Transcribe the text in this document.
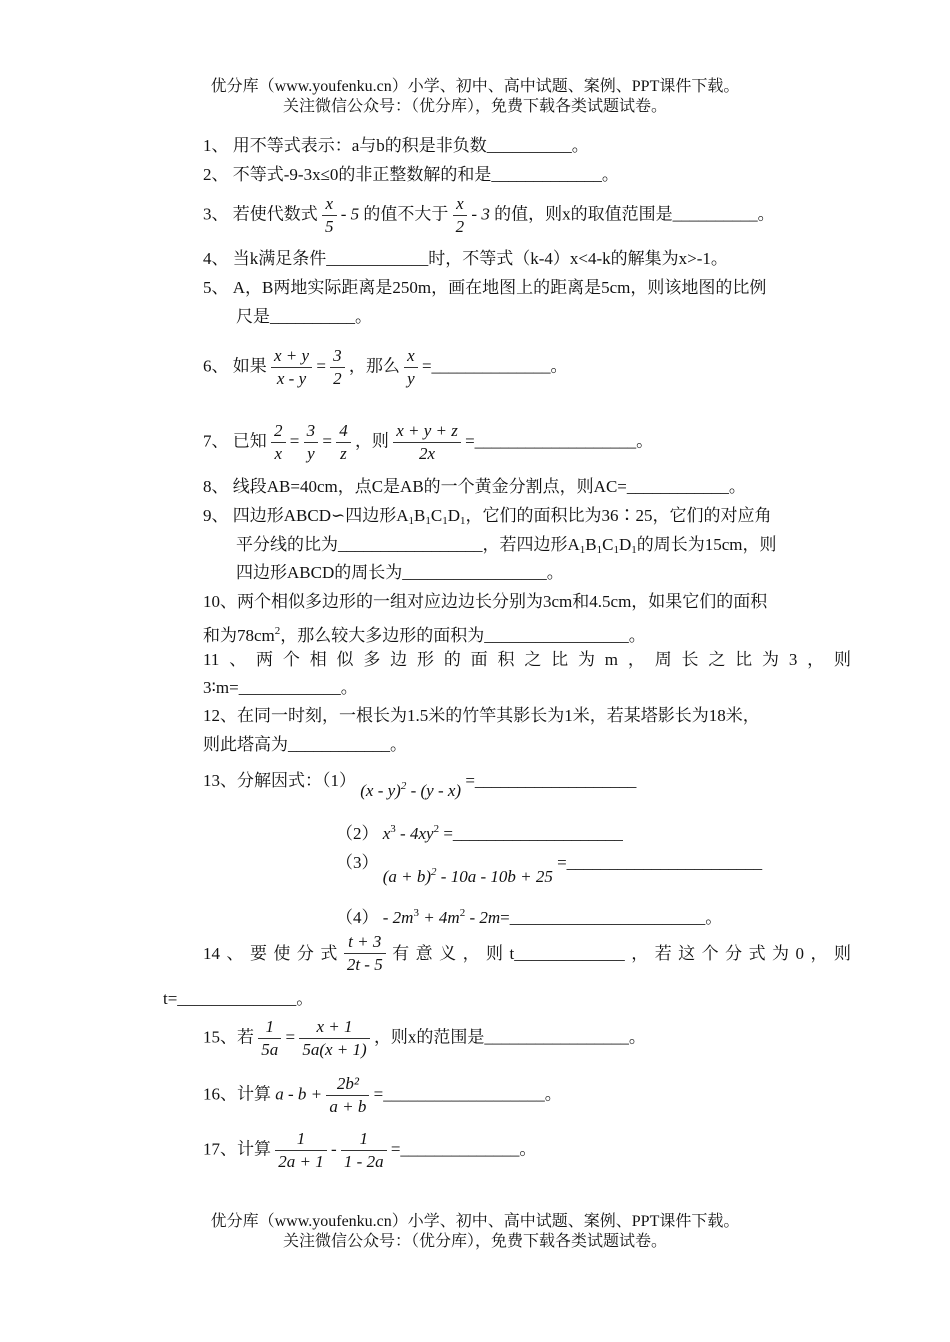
优分库（www.youfenku.cn）小学、初中、高中试题、案例、PPT课件下载。
关注微信公众号：（优分库），免费下载各类试题试卷。
1、 用不等式表示：a与b的积是非负数__________。
2、 不等式-9-3x≤0的非正整数解的和是_____________。
3、 若使代数式 $\frac{x}{5} - 5$ 的值不大于 $\frac{x}{2} - 3$ 的值，则x的取值范围是__________。
4、 当k满足条件____________时，不等式（k-4）x<4-k的解集为x>-1。
5、 A，B两地实际距离是250m，画在地图上的距离是5cm，则该地图的比例
尺是__________。
6、 如果 $\frac{x + y}{x - y} = \frac{3}{2}$ ，那么 $\frac{x}{y}$ =______________。
7、 已知 $\frac{2}{x} = \frac{3}{y} = \frac{4}{z}$ ，则 $\frac{x + y + z}{2x}$ =___________________。
8、 线段AB=40cm，点C是AB的一个黄金分割点，则AC=____________。
9、 四边形ABCD∽四边形$A_1B_1C_1D_1$，它们的面积比为36∶25，它们的对应角
平分线的比为_________________，若四边形$A_1B_1C_1D_1$的周长为15cm，则
四边形ABCD的周长为_________________。
10、两个相似多边形的一组对应边边长分别为3cm和4.5cm，如果它们的面积
和为$78cm^2$，那么较大多边形的面积为_________________。
11 、 两 个 相 似 多 边 形 的 面 积 之 比 为 m ， 周 长 之 比 为 3 ， 则
3∶m=____________。
12、在同一时刻，一根长为1.5米的竹竿其影长为1米，若某塔影长为18米，
则此塔高为____________。
13、分解因式：（1） (x - y)$^2$ - (y - x) =___________________
（2） $x^3 - 4xy^2$ =____________________
（3） $(a + b)^2 - 10a - 10b + 25$ =_______________________
$(4) - 2m^3 + 4m^2$ - 2m=_______________________。
14 、 要 使 分 式 $\frac{t + 3}{2t - 5}$ 有 意 义 ， 则 t_____________ ， 若 这 个 分 式 为 0 ， 则
t=______________。
15、若 $\frac{1}{5a} = \frac{x + 1}{5a(x + 1)}$ ，则x的范围是_________________。
16、计算 $a - b + \frac{\text{2b²}}{a + b}$ =___________________。
17、计算 $\frac{1}{2a + 1} - \frac{1}{1 - 2a}$ =______________。
优分库（www.youfenku.cn）小学、初中、高中试题、案例、PPT课件下载。
关注微信公众号：（优分库），免费下载各类试题试卷。
